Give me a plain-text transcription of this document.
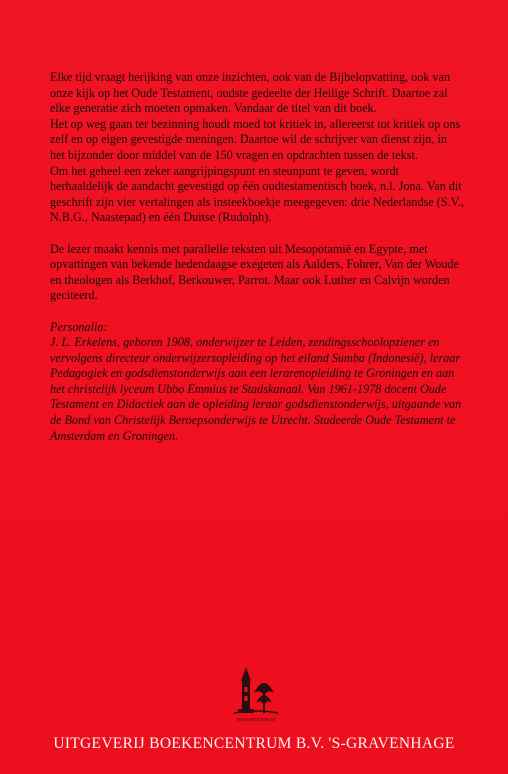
Elke tijd vraagt herijking van onze inzichten, ook van de Bijbelopvatting, ook van onze kijk op het Oude Testament, oudste gedeelte der Heilige Schrift. Daartoe zal elke generatie zich moeten opmaken. Vandaar de titel van dit boek.

Het op weg gaan ter bezinning houdt moed tot kritiek in, allereerst tot kritiek op ons zelf en op eigen gevestigde meningen. Daartoe wil de schrijver van dienst zijn, in het bijzonder door middel van de 150 vragen en opdrachten tussen de tekst.

Om het geheel een zeker aangrijpingspunt en steunpunt te geven, wordt herhaaldelijk de aandacht gevestigd op één oudtestamentisch boek, n.l. Jona. Van dit geschrift zijn vier vertalingen als insteekboekje meegegeven: drie Nederlandse (S.V., N.B.G., Naastepad) en één Duitse (Rudolph).

De lezer maakt kennis met parallelle teksten uit Mesopotamië en Egypte, met opvattingen van bekende hedendaagse exegeten als Aalders, Fohrer, Van der Woude en theologen als Berkhof, Berkouwer, Parrot. Maar ook Luther en Calvijn worden geciteerd.

Personalia:

J. L. Erkelens, geboren 1908, onderwijzer te Leiden, zendingsschoolopziener en vervolgens directeur onderwijzersopleiding op het eiland Sumba (Indonesië), leraar Pedagogiek en godsdienstonderwijs aan een lerarenopleiding te Groningen en aan het christelijk lyceum Ubbo Emmius te Stadskanaal. Van 1961-1978 docent Oude Testament en Didactiek aan de opleiding leraar godsdienstonderwijs, uitgaande van de Bond van Christelijk Beroepsonderwijs te Utrecht. Studeerde Oude Testament te Amsterdam en Groningen.

BOEKENCENTRUM
UITGEVERIJ BOEKENCENTRUM B.V. 'S-GRAVENHAGE
